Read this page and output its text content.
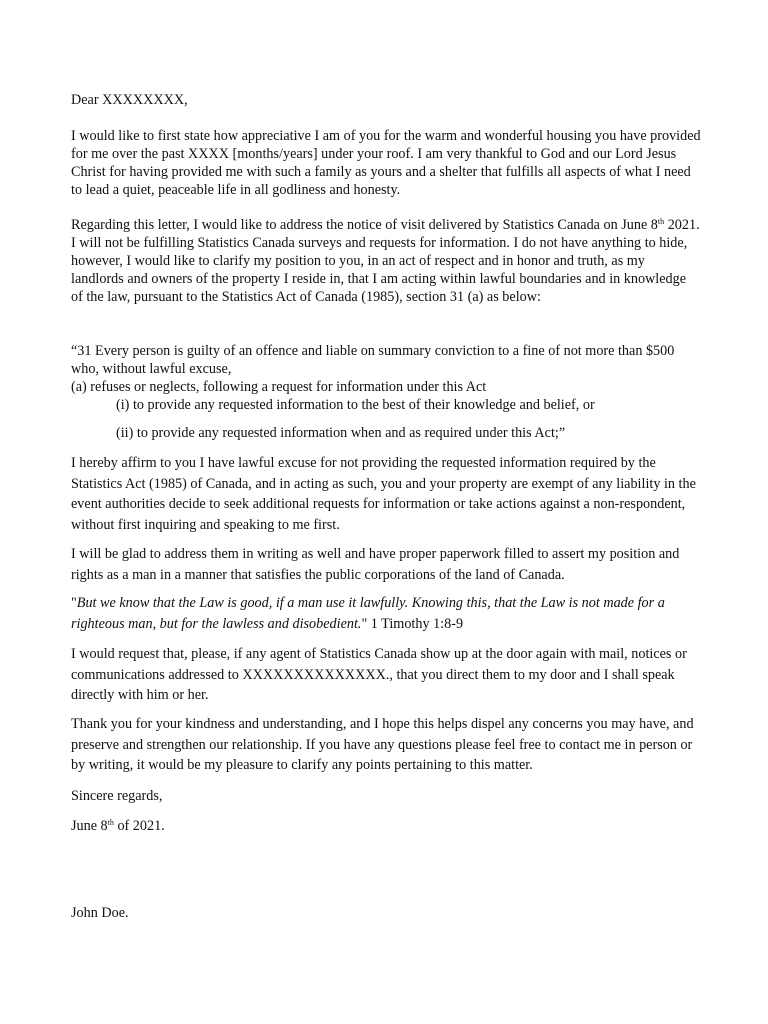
Dear XXXXXXXX,

I would like to first state how appreciative I am of you for the warm and wonderful housing you have provided for me over the past XXXX [months/years] under your roof. I am very thankful to God and our Lord Jesus Christ for having provided me with such a family as yours and a shelter that fulfills all aspects of what I need to lead a quiet, peaceable life in all godliness and honesty.

Regarding this letter, I would like to address the notice of visit delivered by Statistics Canada on June 8th 2021. I will not be fulfilling Statistics Canada surveys and requests for information. I do not have anything to hide, however, I would like to clarify my position to you, in an act of respect and in honor and truth, as my landlords and owners of the property I reside in, that I am acting within lawful boundaries and in knowledge of the law, pursuant to the Statistics Act of Canada (1985), section 31 (a) as below:

“31 Every person is guilty of an offence and liable on summary conviction to a fine of not more than $500 who, without lawful excuse,

(a) refuses or neglects, following a request for information under this Act

(i) to provide any requested information to the best of their knowledge and belief, or

(ii) to provide any requested information when and as required under this Act;”

I hereby affirm to you I have lawful excuse for not providing the requested information required by the Statistics Act (1985) of Canada, and in acting as such, you and your property are exempt of any liability in the event authorities decide to seek additional requests for information or take actions against a non-respondent, without first inquiring and speaking to me first.

I will be glad to address them in writing as well and have proper paperwork filled to assert my position and rights as a man in a manner that satisfies the public corporations of the land of Canada.

"But we know that the Law is good, if a man use it lawfully. Knowing this, that the Law is not made for a righteous man, but for the lawless and disobedient." 1 Timothy 1:8-9

I would request that, please, if any agent of Statistics Canada show up at the door again with mail, notices or communications addressed to XXXXXXXXXXXXXX., that you direct them to my door and I shall speak directly with him or her.

Thank you for your kindness and understanding, and I hope this helps dispel any concerns you may have, and preserve and strengthen our relationship. If you have any questions please feel free to contact me in person or by writing, it would be my pleasure to clarify any points pertaining to this matter.

Sincere regards,

June 8th of 2021.

John Doe.
